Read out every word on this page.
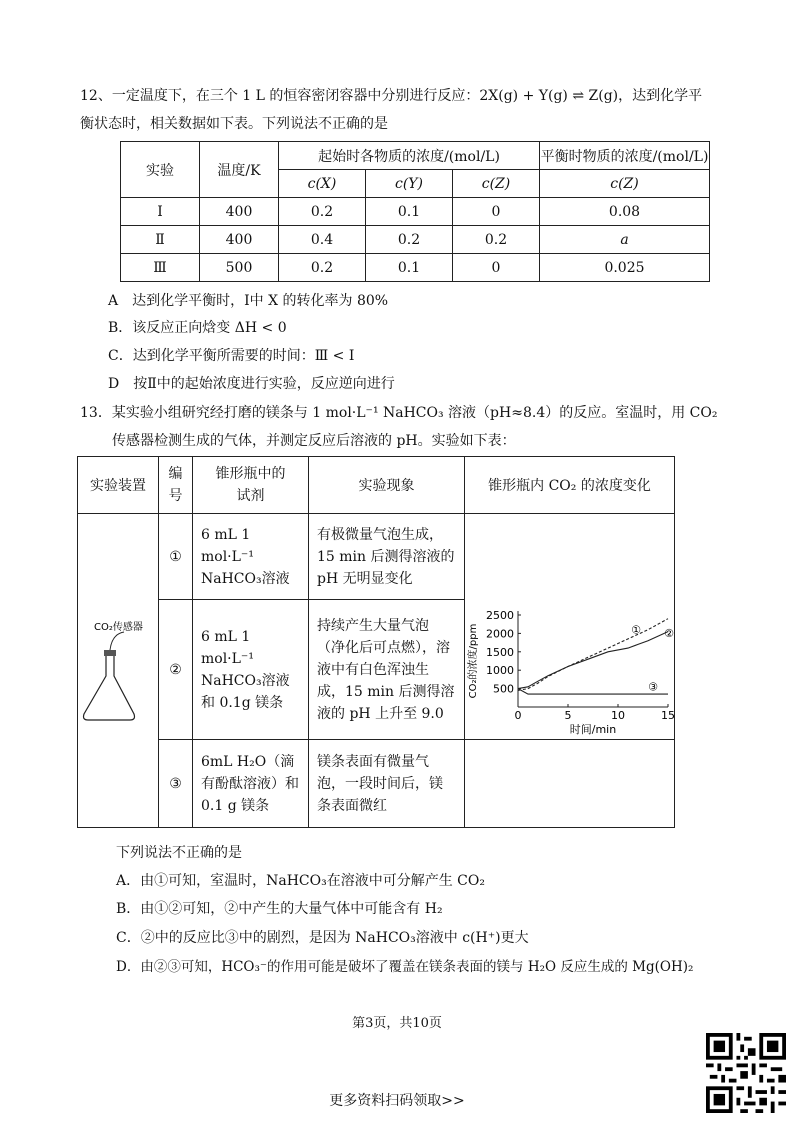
12、一定温度下，在三个 1 L 的恒容密闭容器中分别进行反应：2X(g) + Y(g) ⇌ Z(g)，达到化学平
衡状态时，相关数据如下表。下列说法不正确的是
实验	温度/K	起始时各物质的浓度/(mol/L)			平衡时物质的浓度/(mol/L)
		c(X)	c(Y)	c(Z)	c(Z)
Ⅰ	400	0.2	0.1	0	0.08
Ⅱ	400	0.4	0.2	0.2	a
Ⅲ	500	0.2	0.1	0	0.025
A　达到化学平衡时，Ⅰ中 X 的转化率为 80%
B．该反应正向焓变 ΔH < 0
C．达到化学平衡所需要的时间：Ⅲ < Ⅰ
D　按Ⅱ中的起始浓度进行实验，反应逆向进行
13．某实验小组研究经打磨的镁条与 1 mol·L⁻¹ NaHCO₃ 溶液（pH≈8.4）的反应。室温时，用 CO₂
传感器检测生成的气体，并测定反应后溶液的 pH。实验如下表：
实验装置	编号	锥形瓶中的试剂	实验现象	锥形瓶内 CO₂ 的浓度变化

CO₂传感器	①	6 mL 1 mol·L⁻¹ NaHCO₃溶液	有极微量气泡生成，15 min 后测得溶液的 pH 无明显变化	

	②	6 mL 1 mol·L⁻¹ NaHCO₃溶液和 0.1g 镁条	持续产生大量气泡（净化后可点燃），溶液中有白色浑浊生成，15 min 后测得溶液的 pH 上升至 9.0	

	③	6mL H₂O（滴有酚酞溶液）和 0.1 g 镁条	镁条表面有微量气泡，一段时间后，镁条表面微红	

0	5	10	15
500
1000
1500
2000
2500
时间/min
CO₂的浓度/ppm	① ②
③
下列说法不正确的是
A．由①可知，室温时，NaHCO₃在溶液中可分解产生 CO₂
B．由①②可知，②中产生的大量气体中可能含有 H₂
C．②中的反应比③中的剧烈，是因为 NaHCO₃溶液中 c(H⁺)更大
D．由②③可知，HCO₃⁻的作用可能是破坏了覆盖在镁条表面的镁与 H₂O 反应生成的 Mg(OH)₂
第3页，共10页
更多资料扫码领取>>
